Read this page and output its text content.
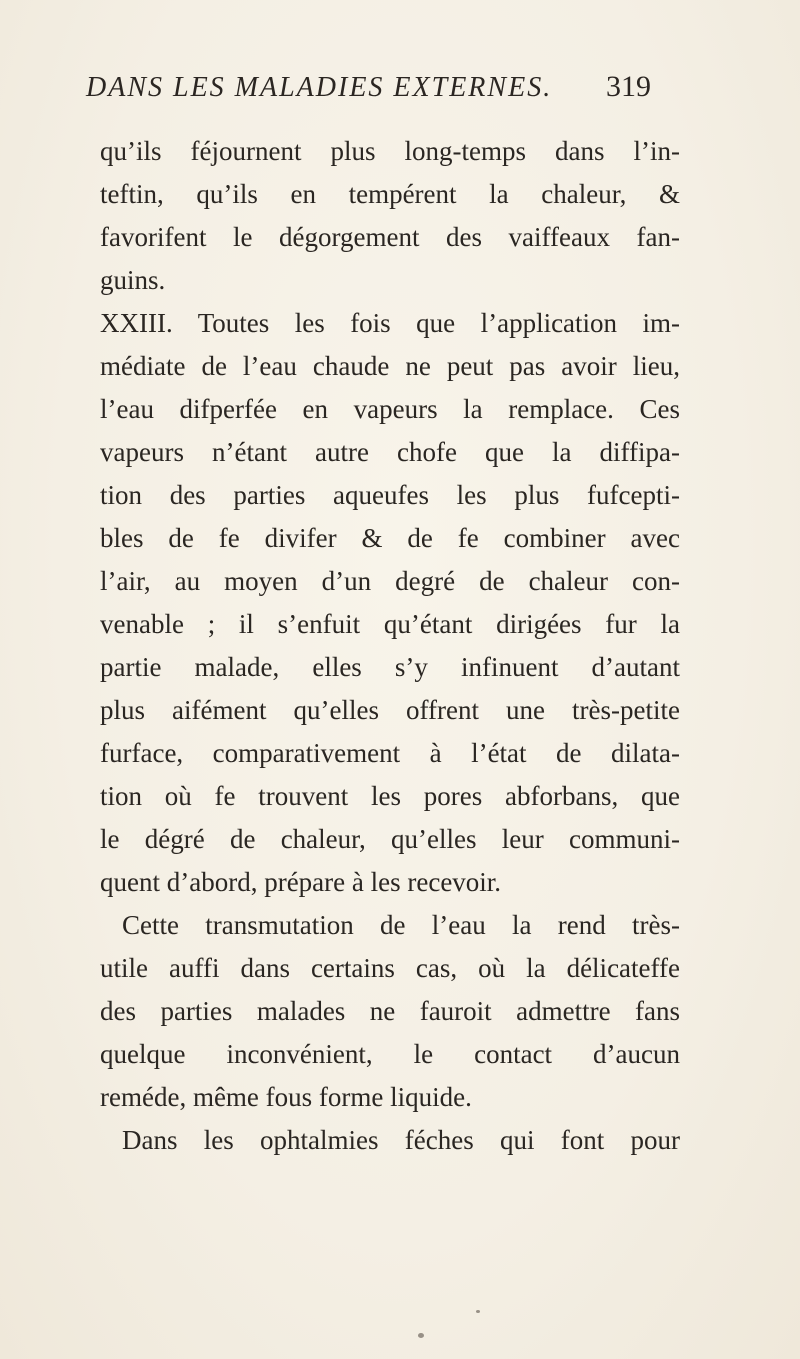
DANS LES MALADIES EXTERNES. 319
qu’ils féjournent plus long-temps dans l’in-
teftin, qu’ils en tempérent la chaleur, &
favorifent le dégorgement des vaiffeaux fan-
guins.
XXIII. Toutes les fois que l’application im-
médiate de l’eau chaude ne peut pas avoir lieu,
l’eau difperfée en vapeurs la remplace. Ces
vapeurs n’étant autre chofe que la diffipa-
tion des parties aqueufes les plus fufcepti-
bles de fe divifer & de fe combiner avec
l’air, au moyen d’un degré de chaleur con-
venable ; il s’enfuit qu’étant dirigées fur la
partie malade, elles s’y infinuent d’autant
plus aifément qu’elles offrent une très-petite
furface, comparativement à l’état de dilata-
tion où fe trouvent les pores abforbans, que
le dégré de chaleur, qu’elles leur communi-
quent d’abord, prépare à les recevoir.
Cette transmutation de l’eau la rend très-
utile auffi dans certains cas, où la délicateffe
des parties malades ne fauroit admettre fans
quelque inconvénient, le contact d’aucun
reméde, même fous forme liquide.
Dans les ophtalmies féches qui font pour
